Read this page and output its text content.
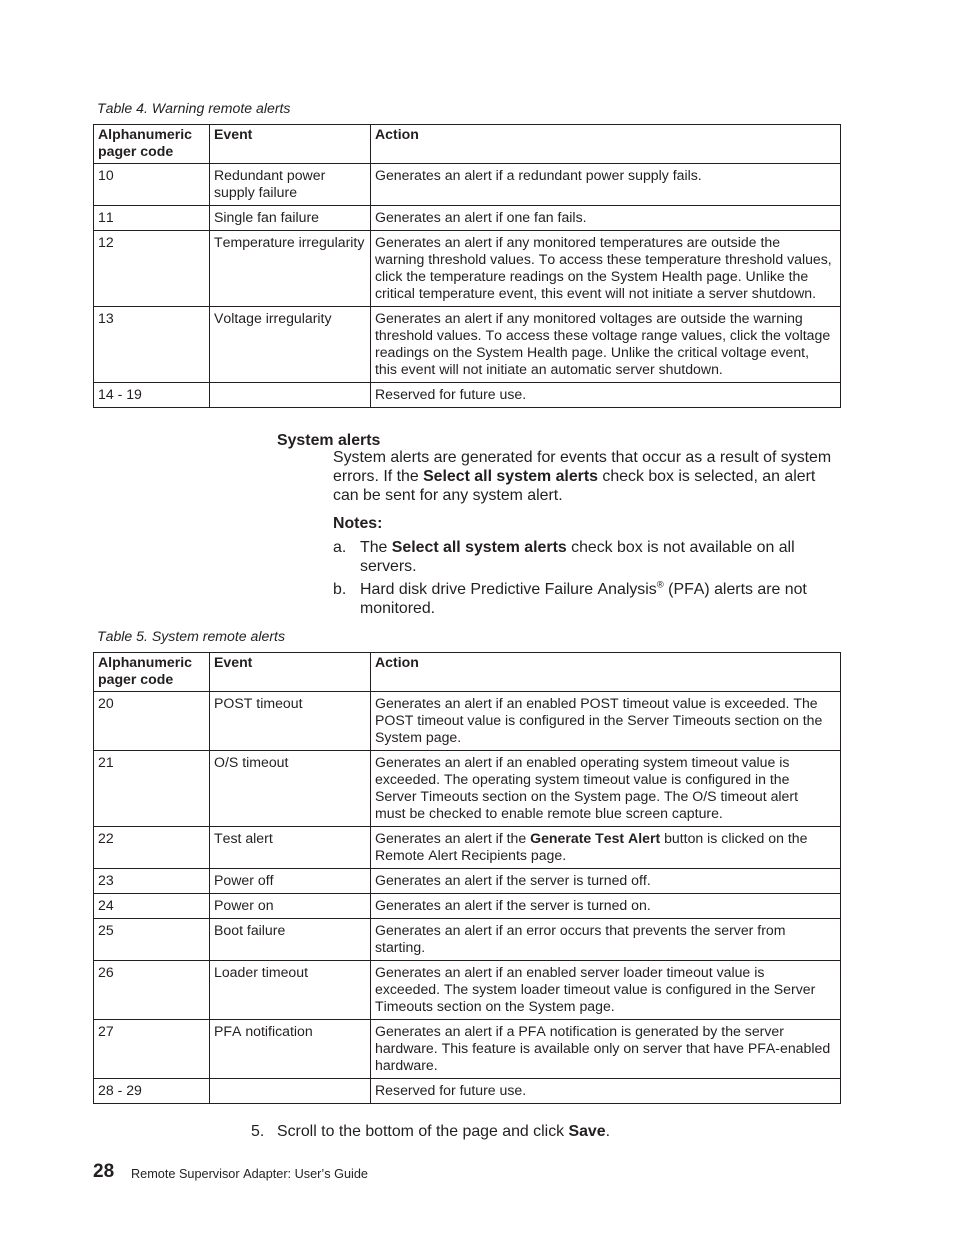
Table 4. Warning remote alerts
Alphanumeric pager code	Event	Action
10	Redundant power supply failure	Generates an alert if a redundant power supply fails.

11	Single fan failure	Generates an alert if one fan fails.

12	Temperature irregularity	Generates an alert if any monitored temperatures are outside the
warning threshold values. To access these temperature threshold values,
click the temperature readings on the System Health page. Unlike the
critical temperature event, this event will not initiate a server shutdown.

13	Voltage irregularity	Generates an alert if any monitored voltages are outside the warning
threshold values. To access these voltage range values, click the voltage
readings on the System Health page. Unlike the critical voltage event,
this event will not initiate an automatic server shutdown.

14 - 19		Reserved for future use.
System alerts
System alerts are generated for events that occur as a result of system errors. If the Select all system alerts check box is selected, an alert can be sent for any system alert.
Notes:
a. The Select all system alerts check box is not available on all servers.
b. Hard disk drive Predictive Failure Analysis® (PFA) alerts are not monitored.
Table 5. System remote alerts
Alphanumeric pager code	Event	Action
20	POST timeout	Generates an alert if an enabled POST timeout value is exceeded. The
POST timeout value is configured in the Server Timeouts section on the
System page.

21	O/S timeout	Generates an alert if an enabled operating system timeout value is
exceeded. The operating system timeout value is configured in the
Server Timeouts section on the System page. The O/S timeout alert
must be checked to enable remote blue screen capture.

22	Test alert	Generates an alert if the Generate Test Alert button is clicked on the
Remote Alert Recipients page.

23	Power off	Generates an alert if the server is turned off.

24	Power on	Generates an alert if the server is turned on.

25	Boot failure	Generates an alert if an error occurs that prevents the server from
starting.

26	Loader timeout	Generates an alert if an enabled server loader timeout value is
exceeded. The system loader timeout value is configured in the Server
Timeouts section on the System page.

27	PFA notification	Generates an alert if a PFA notification is generated by the server
hardware. This feature is available only on server that have PFA-enabled
hardware.

28 - 29		Reserved for future use.
5. Scroll to the bottom of the page and click Save.
28 Remote Supervisor Adapter: User’s Guide
